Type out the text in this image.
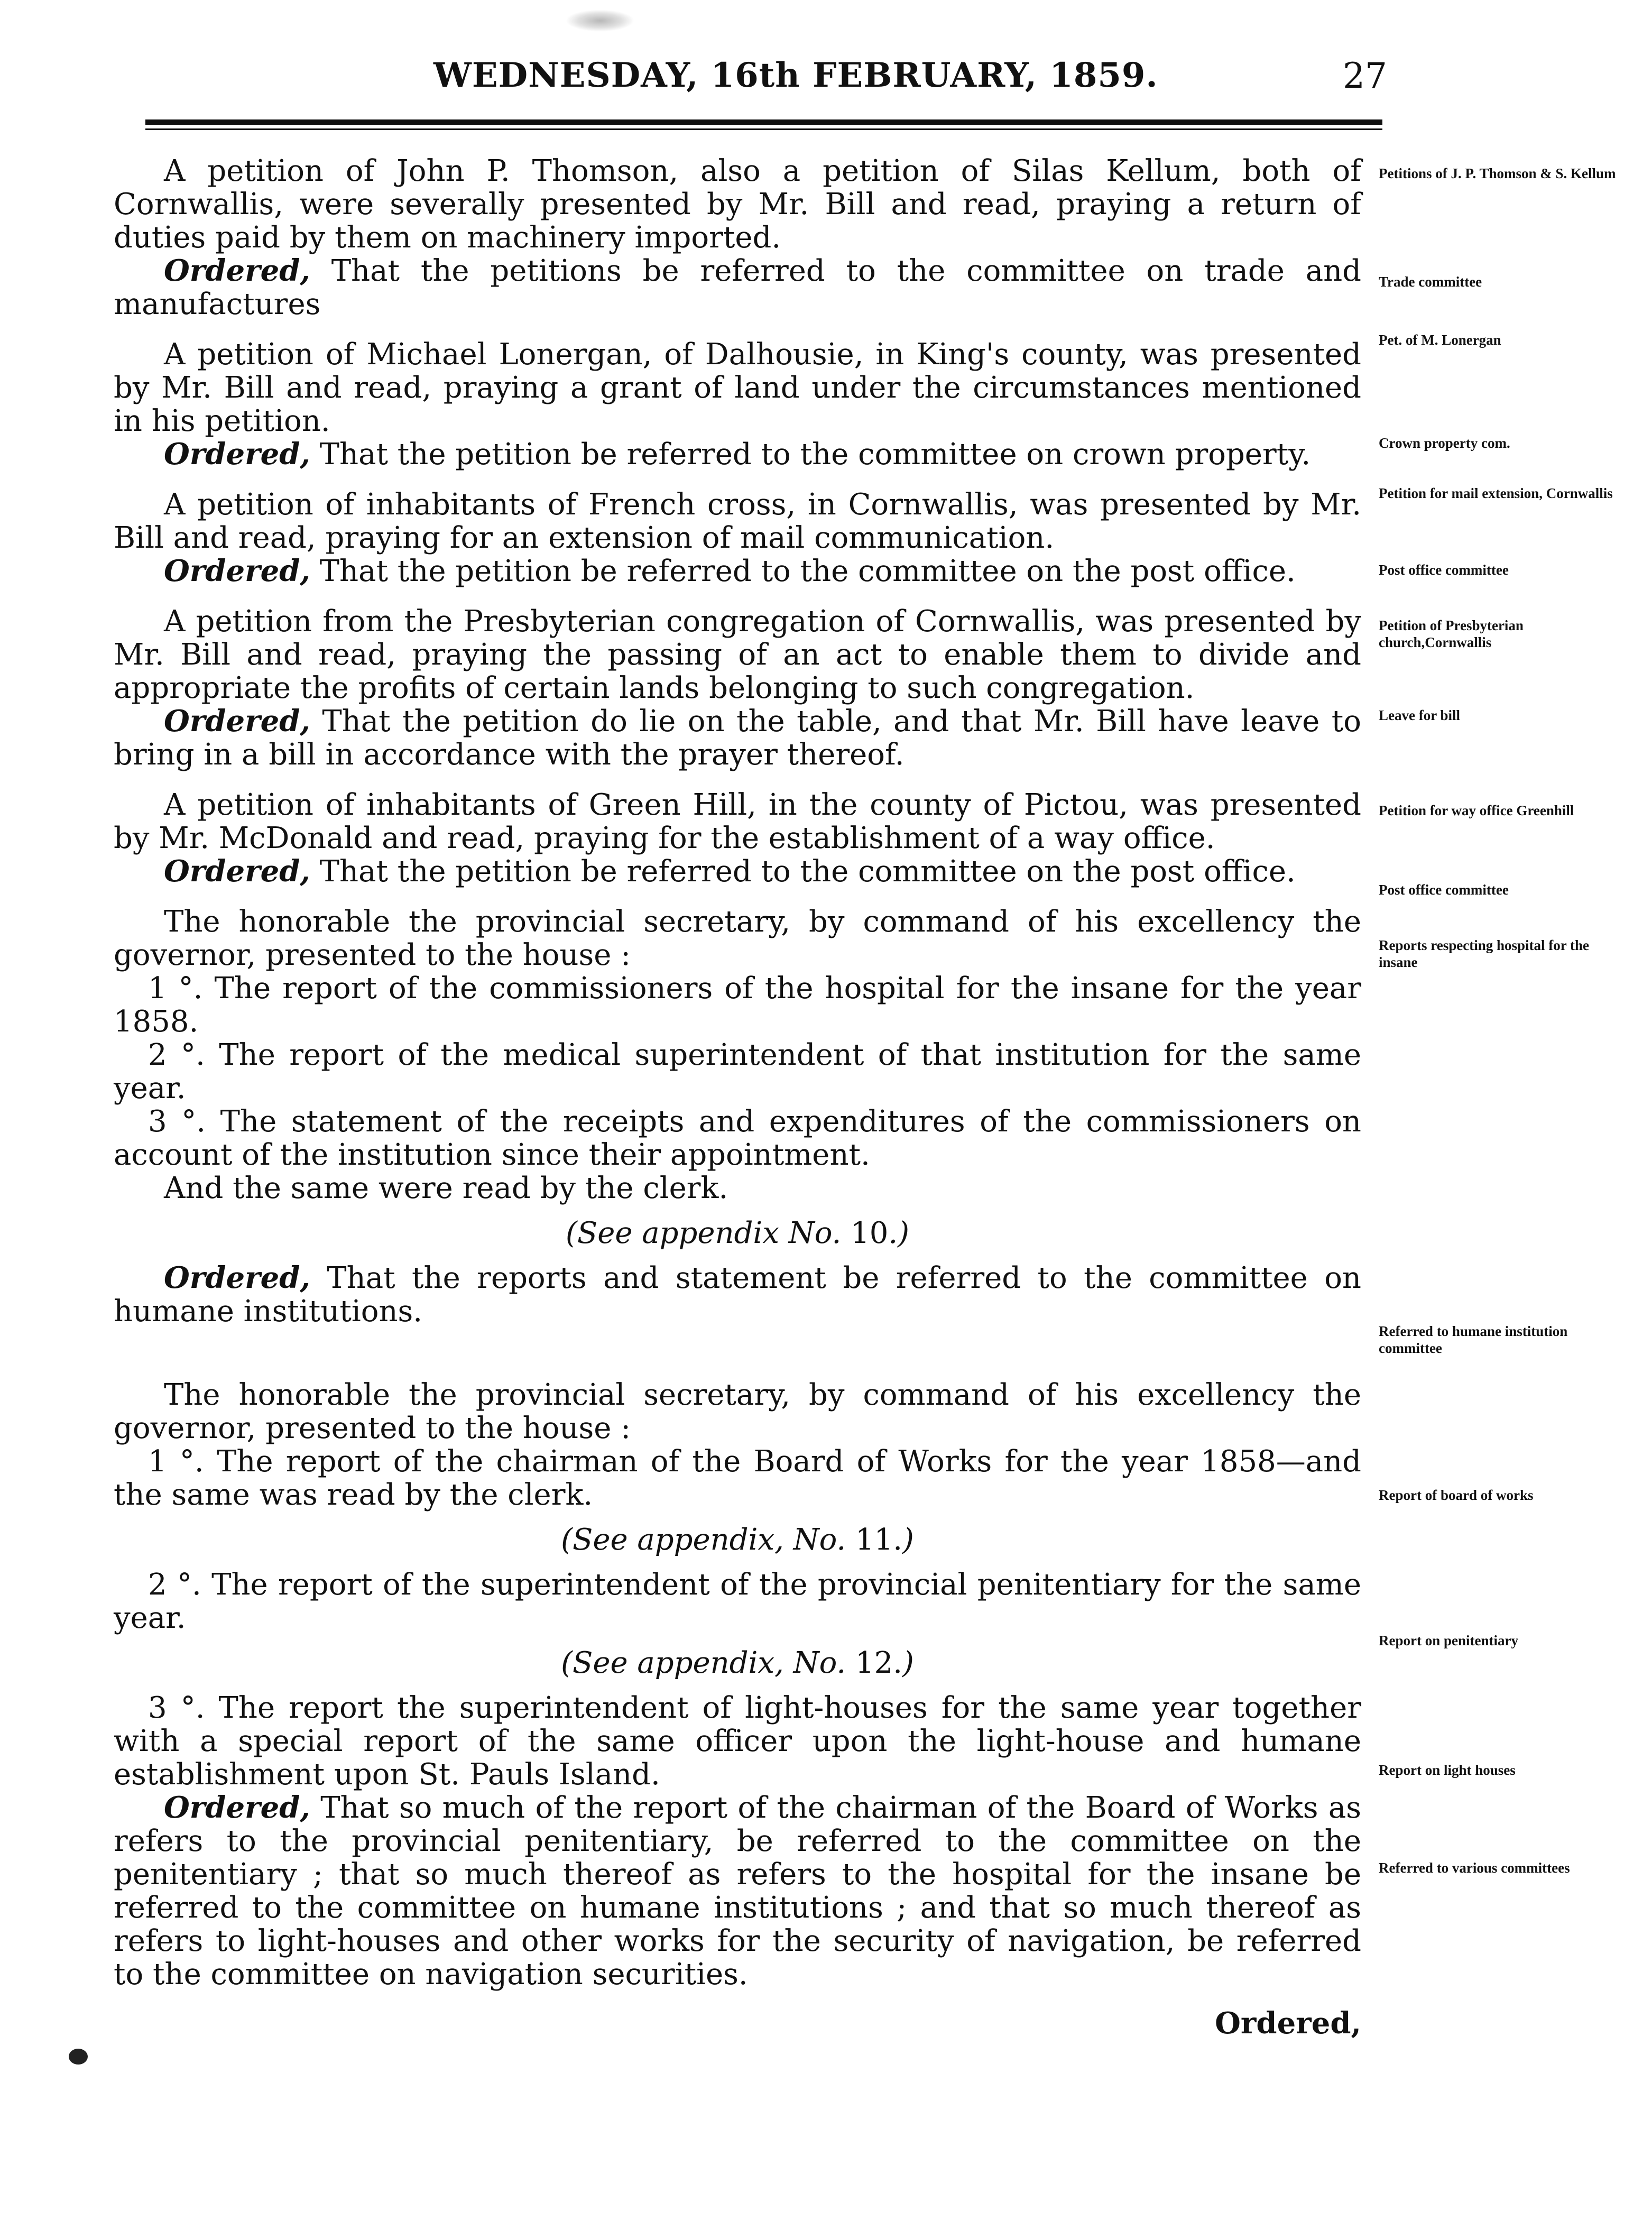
WEDNESDAY, 16th FEBRUARY, 1859.	27

A petition of John P. Thomson, also a petition of Silas Kellum, both of Cornwallis, were severally presented by Mr. Bill and read, praying a return of duties paid by them on machinery imported.

Ordered, That the petitions be referred to the committee on trade and manufactures

A petition of Michael Lonergan, of Dalhousie, in King's county, was presented by Mr. Bill and read, praying a grant of land under the circumstances mentioned in his petition.

Ordered, That the petition be referred to the committee on crown property.

A petition of inhabitants of French cross, in Cornwallis, was presented by Mr. Bill and read, praying for an extension of mail communication.

Ordered, That the petition be referred to the committee on the post office.

A petition from the Presbyterian congregation of Cornwallis, was presented by Mr. Bill and read, praying the passing of an act to enable them to divide and appropriate the profits of certain lands belonging to such congregation.

Ordered, That the petition do lie on the table, and that Mr. Bill have leave to bring in a bill in accordance with the prayer thereof.

A petition of inhabitants of Green Hill, in the county of Pictou, was presented by Mr. McDonald and read, praying for the establishment of a way office.

Ordered, That the petition be referred to the committee on the post office.

The honorable the provincial secretary, by command of his excellency the governor, presented to the house :

1 °. The report of the commissioners of the hospital for the insane for the year 1858.

2 °. The report of the medical superintendent of that institution for the same year.

3 °. The statement of the receipts and expenditures of the commissioners on account of the institution since their appointment.

And the same were read by the clerk.

(See appendix No. 10.)

Ordered, That the reports and statement be referred to the committee on humane institutions.

The honorable the provincial secretary, by command of his excellency the governor, presented to the house :

1 °. The report of the chairman of the Board of Works for the year 1858—and the same was read by the clerk.

(See appendix, No. 11.)

2 °. The report of the superintendent of the provincial penitentiary for the same year.

(See appendix, No. 12.)

3 °. The report the superintendent of light-houses for the same year together with a special report of the same officer upon the light-house and humane establishment upon St. Pauls Island.

Ordered, That so much of the report of the chairman of the Board of Works as refers to the provincial penitentiary, be referred to the committee on the penitentiary ; that so much thereof as refers to the hospital for the insane be referred to the committee on humane institutions ; and that so much thereof as refers to light-houses and other works for the security of navigation, be referred to the committee on navigation securities.

Ordered,

Petitions of J. P. Thomson & S. Kellum
Trade committee
Pet. of M. Lonergan
Crown property com.
Petition for mail extension, Cornwallis
Post office committee
Petition of Presbyterian church,Cornwallis
Leave for bill
Petition for way office Greenhill
Post office committee
Reports respecting hospital for the insane
Referred to humane institution committee
Report of board of works
Report on penitentiary
Report on light houses
Referred to various committees
